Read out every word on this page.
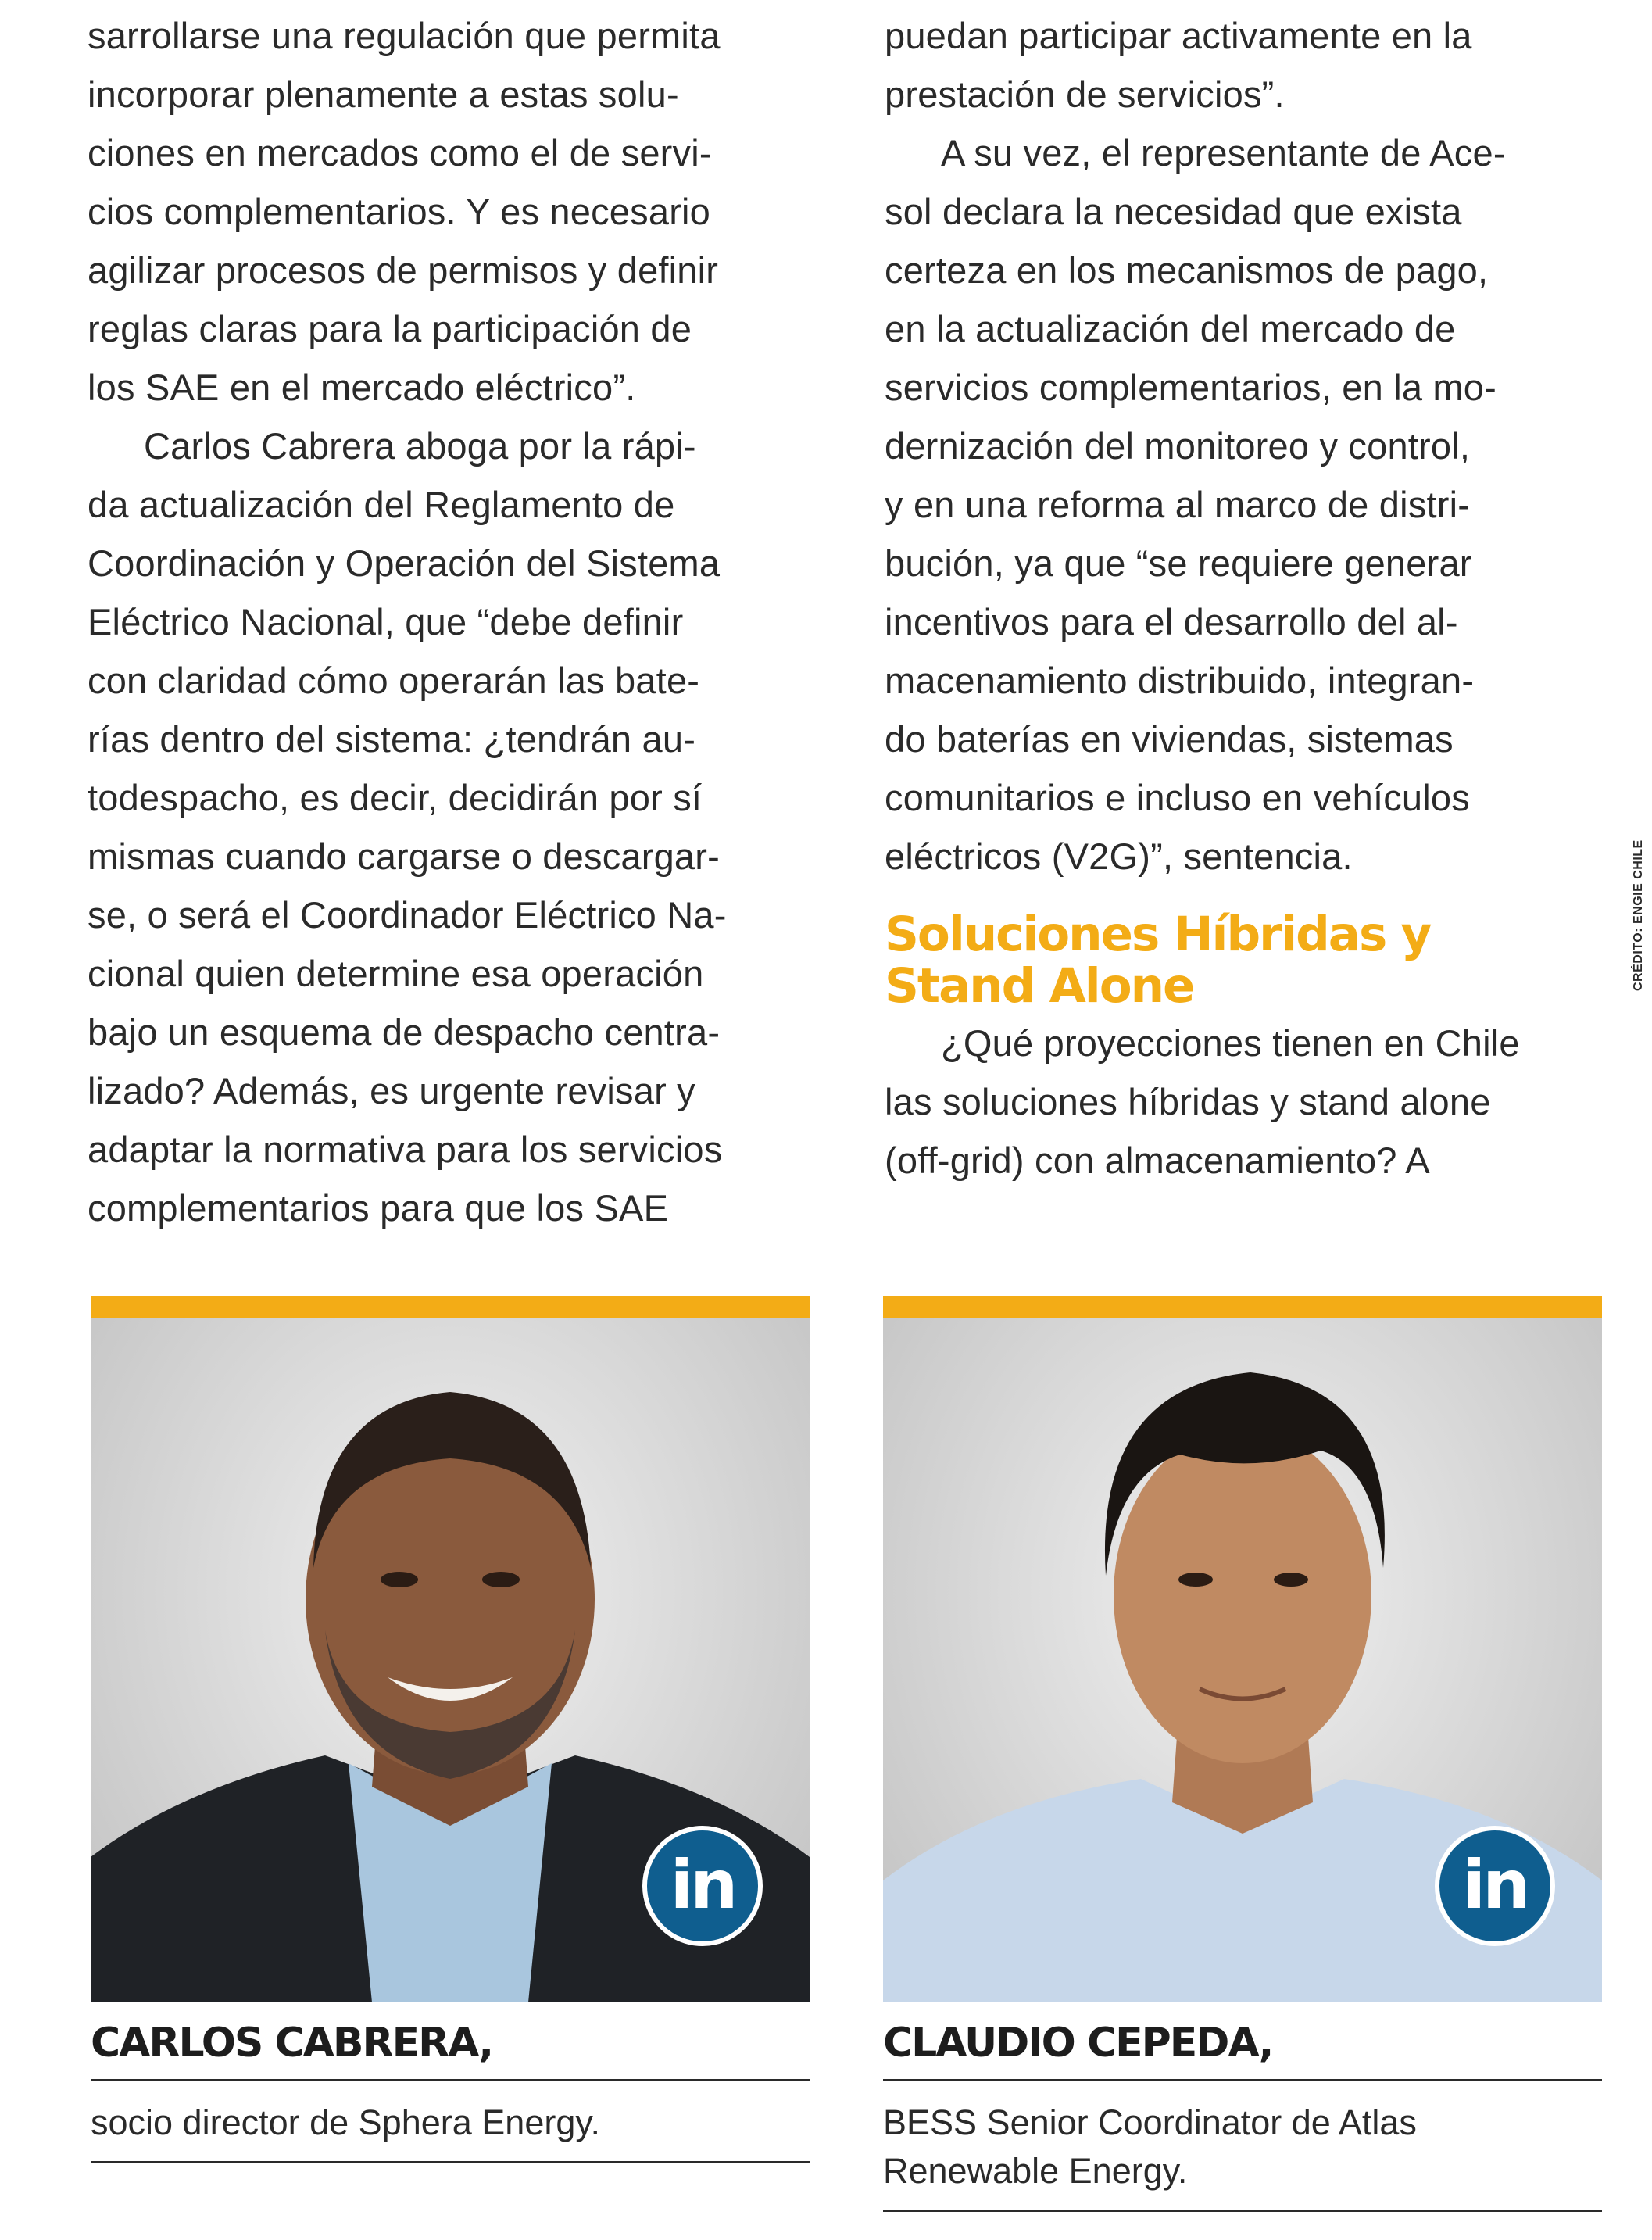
sarrollarse una regulación que permita
incorporar plenamente a estas solu-
ciones en mercados como el de servi-
cios complementarios. Y es necesario
agilizar procesos de permisos y definir
reglas claras para la participación de
los SAE en el mercado eléctrico”.
Carlos Cabrera aboga por la rápi-
da actualización del Reglamento de
Coordinación y Operación del Sistema
Eléctrico Nacional, que “debe definir
con claridad cómo operarán las bate-
rías dentro del sistema: ¿tendrán au-
todespacho, es decir, decidirán por sí
mismas cuando cargarse o descargar-
se, o será el Coordinador Eléctrico Na-
cional quien determine esa operación
bajo un esquema de despacho centra-
lizado? Además, es urgente revisar y
adaptar la normativa para los servicios
complementarios para que los SAE
puedan participar activamente en la
prestación de servicios”.
A su vez, el representante de Ace-
sol declara la necesidad que exista
certeza en los mecanismos de pago,
en la actualización del mercado de
servicios complementarios, en la mo-
dernización del monitoreo y control,
y en una reforma al marco de distri-
bución, ya que “se requiere generar
incentivos para el desarrollo del al-
macenamiento distribuido, integran-
do baterías en viviendas, sistemas
comunitarios e incluso en vehículos
eléctricos (V2G)”, sentencia.
Soluciones Híbridas y
Stand Alone
¿Qué proyecciones tienen en Chile
las soluciones híbridas y stand alone
(off-grid) con almacenamiento? A
CRÉDITO: ENGIE CHILE
in
CARLOS CABRERA,
socio director de Sphera Energy.
in
CLAUDIO CEPEDA,
BESS Senior Coordinator de Atlas
Renewable Energy.
